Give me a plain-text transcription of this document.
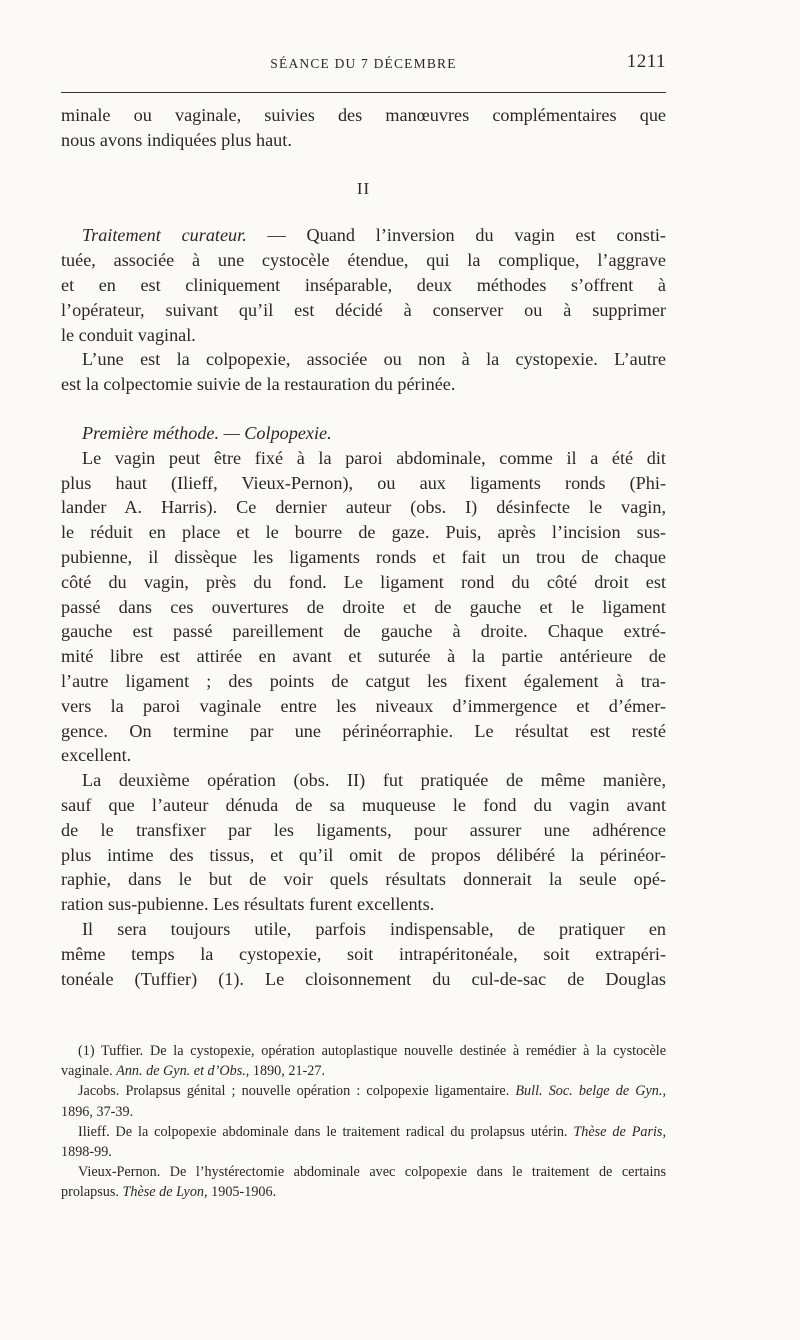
SÉANCE DU 7 DÉCEMBRE	1211

minale ou vaginale, suivies des manœuvres complémentaires que

nous avons indiquées plus haut.

II

Traitement curateur. — Quand l’inversion du vagin est consti-

tuée, associée à une cystocèle étendue, qui la complique, l’aggrave

et en est cliniquement inséparable, deux méthodes s’offrent à

l’opérateur, suivant qu’il est décidé à conserver ou à supprimer

le conduit vaginal.

L’une est la colpopexie, associée ou non à la cystopexie. L’autre

est la colpectomie suivie de la restauration du périnée.

Première méthode. — Colpopexie.

Le vagin peut être fixé à la paroi abdominale, comme il a été dit

plus haut (Ilieff, Vieux-Pernon), ou aux ligaments ronds (Phi-

lander A. Harris). Ce dernier auteur (obs. I) désinfecte le vagin,

le réduit en place et le bourre de gaze. Puis, après l’incision sus-

pubienne, il dissèque les ligaments ronds et fait un trou de chaque

côté du vagin, près du fond. Le ligament rond du côté droit est

passé dans ces ouvertures de droite et de gauche et le ligament

gauche est passé pareillement de gauche à droite. Chaque extré-

mité libre est attirée en avant et suturée à la partie antérieure de

l’autre ligament ; des points de catgut les fixent également à tra-

vers la paroi vaginale entre les niveaux d’immergence et d’émer-

gence. On termine par une périnéorraphie. Le résultat est resté

excellent.

La deuxième opération (obs. II) fut pratiquée de même manière,

sauf que l’auteur dénuda de sa muqueuse le fond du vagin avant

de le transfixer par les ligaments, pour assurer une adhérence

plus intime des tissus, et qu’il omit de propos délibéré la périnéor-

raphie, dans le but de voir quels résultats donnerait la seule opé-

ration sus-pubienne. Les résultats furent excellents.

Il sera toujours utile, parfois indispensable, de pratiquer en

même temps la cystopexie, soit intrapéritonéale, soit extrapéri-

tonéale (Tuffier) (1). Le cloisonnement du cul-de-sac de Douglas

(1) Tuffier. De la cystopexie, opération autoplastique nouvelle destinée à remédier à la cystocèle vaginale. Ann. de Gyn. et d’Obs., 1890, 21-27.

Jacobs. Prolapsus génital ; nouvelle opération : colpopexie ligamentaire. Bull. Soc. belge de Gyn., 1896, 37-39.

Ilieff. De la colpopexie abdominale dans le traitement radical du prolapsus utérin. Thèse de Paris, 1898-99.

Vieux-Pernon. De l’hystérectomie abdominale avec colpopexie dans le traitement de certains prolapsus. Thèse de Lyon, 1905-1906.
